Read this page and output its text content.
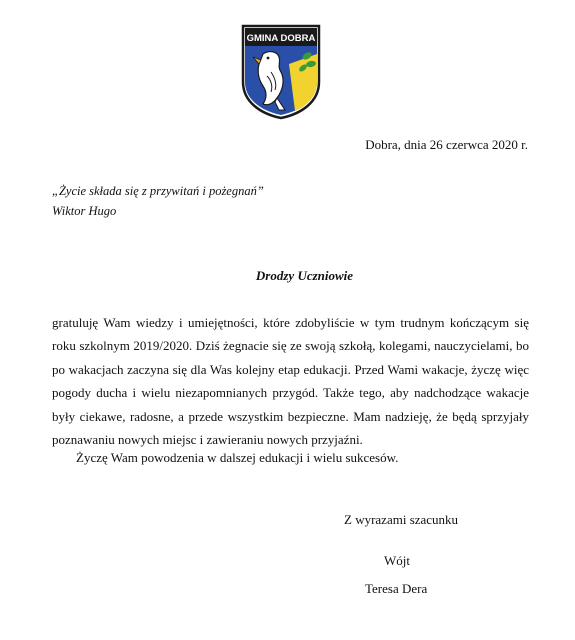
GMINA DOBRA
Dobra, dnia 26 czerwca 2020 r.
„Życie składa się z przywitań i pożegnań”
Wiktor Hugo
Drodzy Uczniowie

gratuluję Wam wiedzy i umiejętności, które zdobyliście w tym trudnym kończącym się roku szkolnym 2019/2020. Dziś żegnacie się ze swoją szkołą, kolegami, nauczycielami, bo po wakacjach zaczyna się dla Was kolejny etap edukacji. Przed Wami wakacje, życzę więc pogody ducha i wielu niezapomnianych przygód. Także tego, aby nadchodzące wakacje były ciekawe, radosne, a przede wszystkim bezpieczne. Mam nadzieję, że będą sprzyjały poznawaniu nowych miejsc i zawieraniu nowych przyjaźni.

Życzę Wam powodzenia w dalszej edukacji i wielu sukcesów.
Z wyrazami szacunku
Wójt
Teresa Dera
